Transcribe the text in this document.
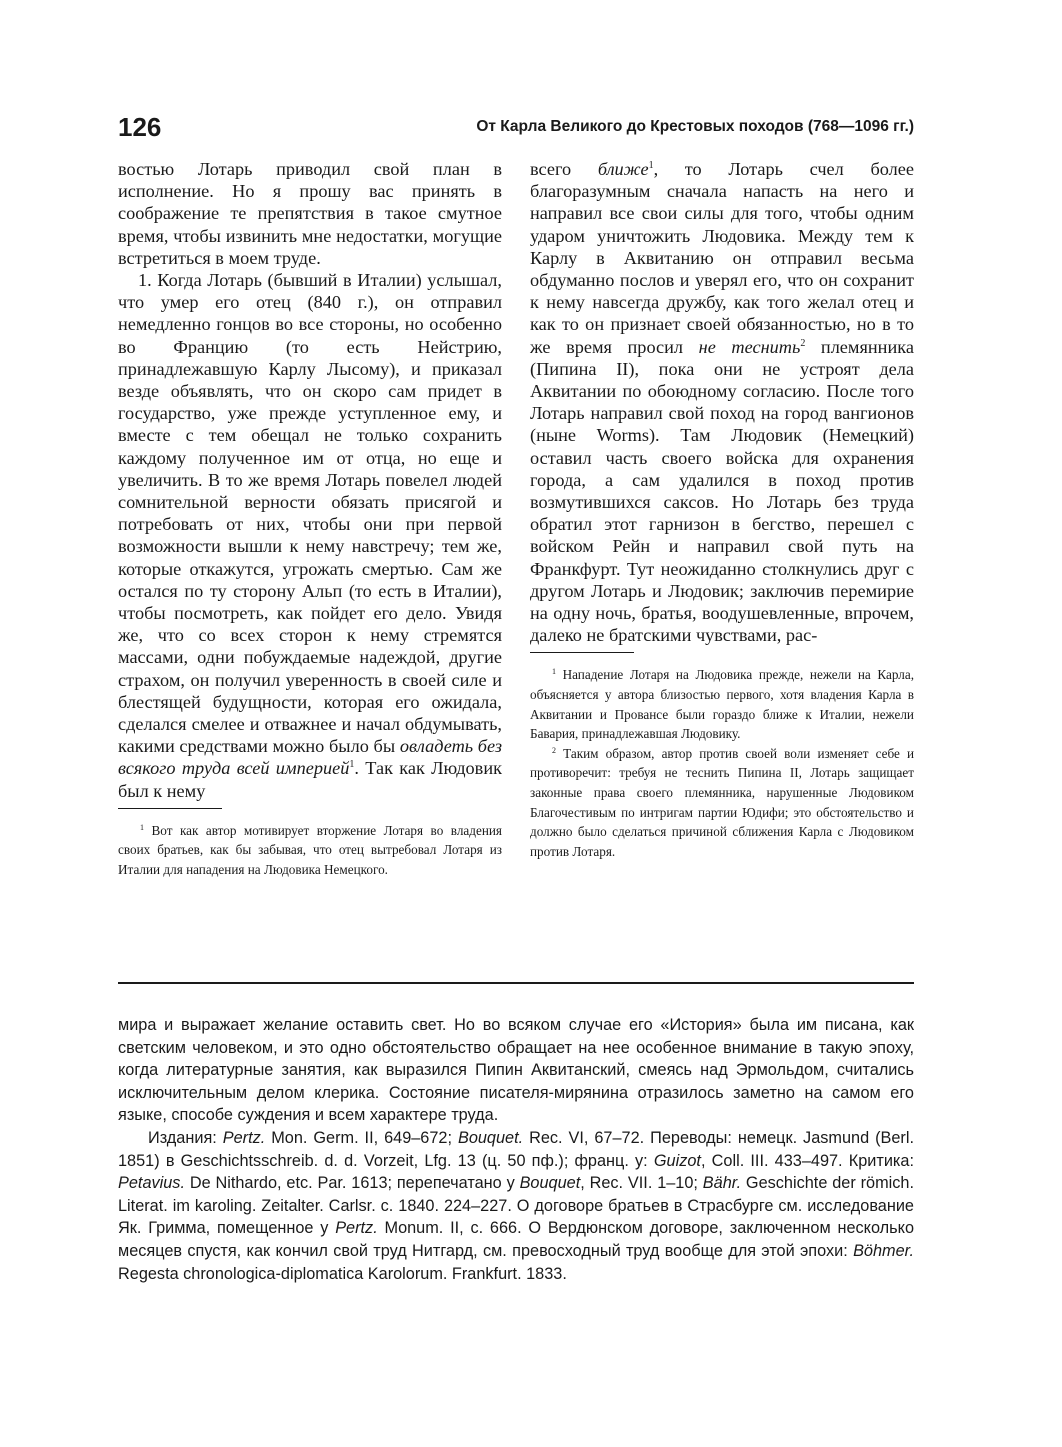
126	От Карла Великого до Крестовых походов (768—1096 гг.)

востью Лотарь приводил свой план в исполнение. Но я прошу вас принять в соображение те препятствия в такое смутное время, чтобы извинить мне недостатки, могущие встретиться в моем труде.

1. Когда Лотарь (бывший в Италии) услышал, что умер его отец (840 г.), он отправил немедленно гонцов во все стороны, но особенно во Францию (то есть Нейстрию, принадлежавшую Карлу Лысому), и приказал везде объявлять, что он скоро сам придет в государство, уже прежде уступленное ему, и вместе с тем обещал не только сохранить каждому полученное им от отца, но еще и увеличить. В то же время Лотарь повелел людей сомнительной верности обязать присягой и потребовать от них, чтобы они при первой возможности вышли к нему навстречу; тем же, которые откажутся, угрожать смертью. Сам же остался по ту сторону Альп (то есть в Италии), чтобы посмотреть, как пойдет его дело. Увидя же, что со всех сторон к нему стремятся массами, одни побуждаемые надеждой, другие страхом, он получил уверенность в своей силе и блестящей будущности, которая его ожидала, сделался смелее и отважнее и начал обдумывать, какими средствами можно было бы овладеть без всякого труда всей империей$^1$. Так как Людовик был к нему

$^1$ Вот как автор мотивирует вторжение Лотаря во владения своих братьев, как бы забывая, что отец вытребовал Лотаря из Италии для нападения на Людовика Немецкого.

всего ближе$^1$, то Лотарь счел более благоразумным сначала напасть на него и направил все свои силы для того, чтобы одним ударом уничтожить Людовика. Между тем к Карлу в Аквитанию он отправил весьма обдуманно послов и уверял его, что он сохранит к нему навсегда дружбу, как того желал отец и как то он признает своей обязанностью, но в то же время просил не теснить$^2$ племянника (Пипина II), пока они не устроят дела Аквитании по обоюдному согласию. После того Лотарь направил свой поход на город вангионов (ныне Worms). Там Людовик (Немецкий) оставил часть своего войска для охранения города, а сам удалился в поход против возмутившихся саксов. Но Лотарь без труда обратил этот гарнизон в бегство, перешел с войском Рейн и направил свой путь на Франкфурт. Тут неожиданно столкнулись друг с другом Лотарь и Людовик; заключив перемирие на одну ночь, братья, воодушевленные, впрочем, далеко не братскими чувствами, рас-

$^1$ Нападение Лотаря на Людовика прежде, нежели на Карла, объясняется у автора близостью первого, хотя владения Карла в Аквитании и Провансе были гораздо ближе к Италии, нежели Бавария, принадлежавшая Людовику.

$^2$ Таким образом, автор против своей воли изменяет себе и противоречит: требуя не теснить Пипина II, Лотарь защищает законные права своего племянника, нарушенные Людовиком Благочестивым по интригам партии Юдифи; это обстоятельство и должно было сделаться причиной сближения Карла с Людовиком против Лотаря.

мира и выражает желание оставить свет. Но во всяком случае его «История» была им писана, как светским человеком, и это одно обстоятельство обращает на нее особенное внимание в такую эпоху, когда литературные занятия, как выразился Пипин Аквитанский, смеясь над Эрмольдом, считались исключительным делом клерика. Состояние писателя-мирянина отразилось заметно на самом его языке, способе суждения и всем характере труда.

Издания: Pertz. Mon. Germ. II, 649–672; Bouquet. Rec. VI, 67–72. Переводы: немецк. Jasmund (Berl. 1851) в Geschichtsschreib. d. d. Vorzeit, Lfg. 13 (ц. 50 пф.); франц. у: Guizot, Coll. III. 433–497. Критика: Petavius. De Nithardo, etc. Par. 1613; перепечатано у Bouquet, Rec. VII. 1–10; Bähr. Geschichte der römich. Literat. im karoling. Zeitalter. Carlsr. c. 1840. 224–227. О договоре братьев в Страсбурге см. исследование Як. Гримма, помещенное у Pertz. Monum. II, с. 666. О Вердюнском договоре, заключенном несколько месяцев спустя, как кончил свой труд Нитгард, см. превосходный труд вообще для этой эпохи: Böhmer. Regesta chronologica-diplomatica Karolorum. Frankfurt. 1833.
